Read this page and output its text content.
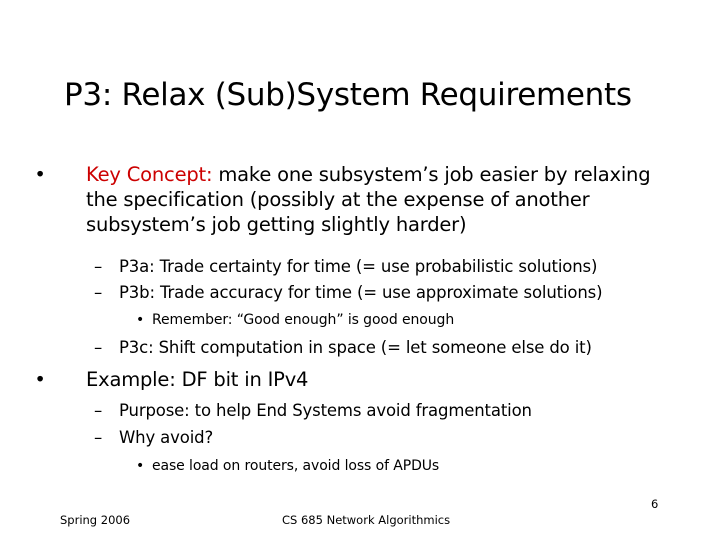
P3: Relax (Sub)System Requirements
• Key Concept: make one subsystem’s job easier by relaxing the specification (possibly at the expense of another subsystem’s job getting slightly harder)
– P3a: Trade certainty for time (= use probabilistic solutions)
– P3b: Trade accuracy for time (= use approximate solutions)
• Remember: “Good enough” is good enough
– P3c: Shift computation in space (= let someone else do it)
• Example: DF bit in IPv4
– Purpose: to help End Systems avoid fragmentation
– Why avoid?
• ease load on routers, avoid loss of APDUs
Spring 2006	CS 685 Network Algorithmics
6
